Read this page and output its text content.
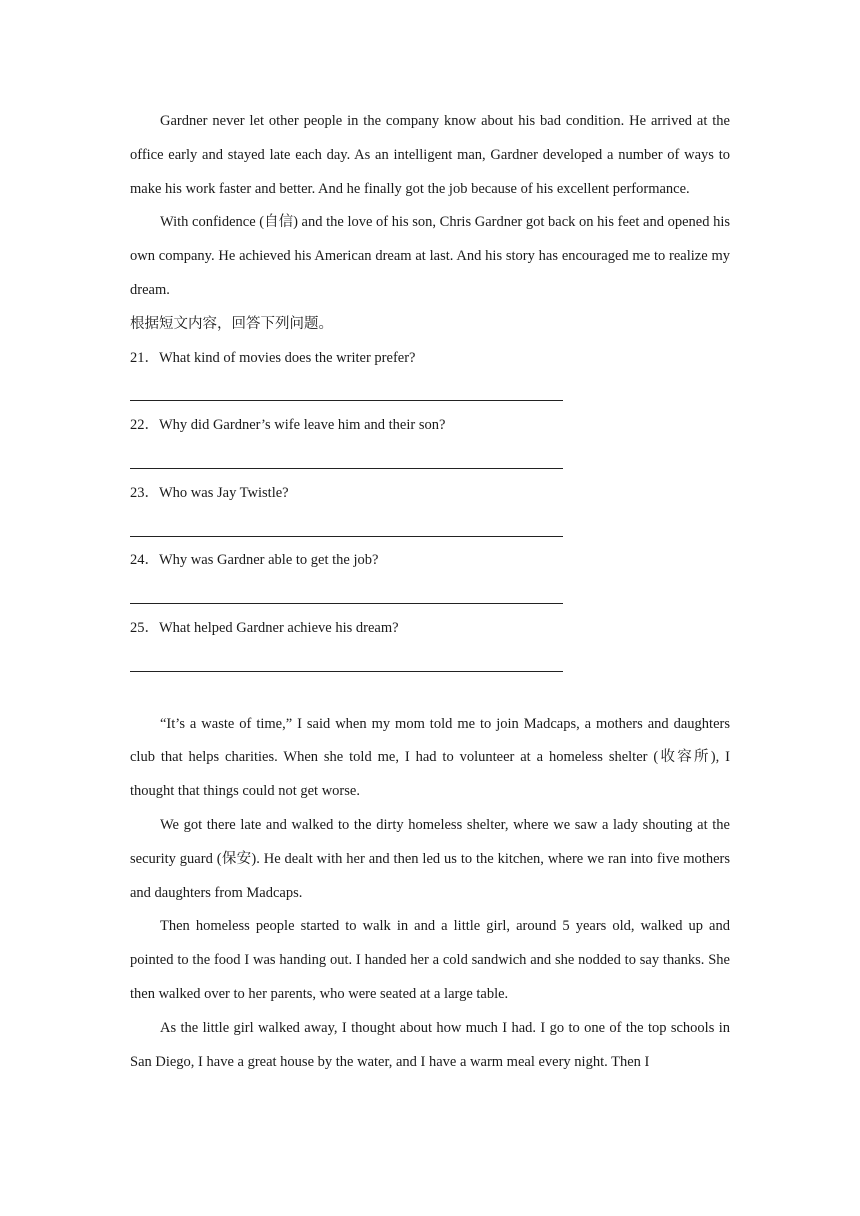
Gardner never let other people in the company know about his bad condition. He arrived at the office early and stayed late each day. As an intelligent man, Gardner developed a number of ways to make his work faster and better. And he finally got the job because of his excellent performance.

With confidence (自信) and the love of his son, Chris Gardner got back on his feet and opened his own company. He achieved his American dream at last. And his story has encouraged me to realize my dream.

根据短文内容，回答下列问题。

21．What kind of movies does the writer prefer?

22．Why did Gardner’s wife leave him and their son?

23．Who was Jay Twistle?

24．Why was Gardner able to get the job?

25．What helped Gardner achieve his dream?

“It’s a waste of time,” I said when my mom told me to join Madcaps, a mothers and daughters club that helps charities. When she told me, I had to volunteer at a homeless shelter (收容所), I thought that things could not get worse.

We got there late and walked to the dirty homeless shelter, where we saw a lady shouting at the security guard (保安). He dealt with her and then led us to the kitchen, where we ran into five mothers and daughters from Madcaps.

Then homeless people started to walk in and a little girl, around 5 years old, walked up and pointed to the food I was handing out. I handed her a cold sandwich and she nodded to say thanks. She then walked over to her parents, who were seated at a large table.

As the little girl walked away, I thought about how much I had. I go to one of the top schools in San Diego, I have a great house by the water, and I have a warm meal every night. Then I
